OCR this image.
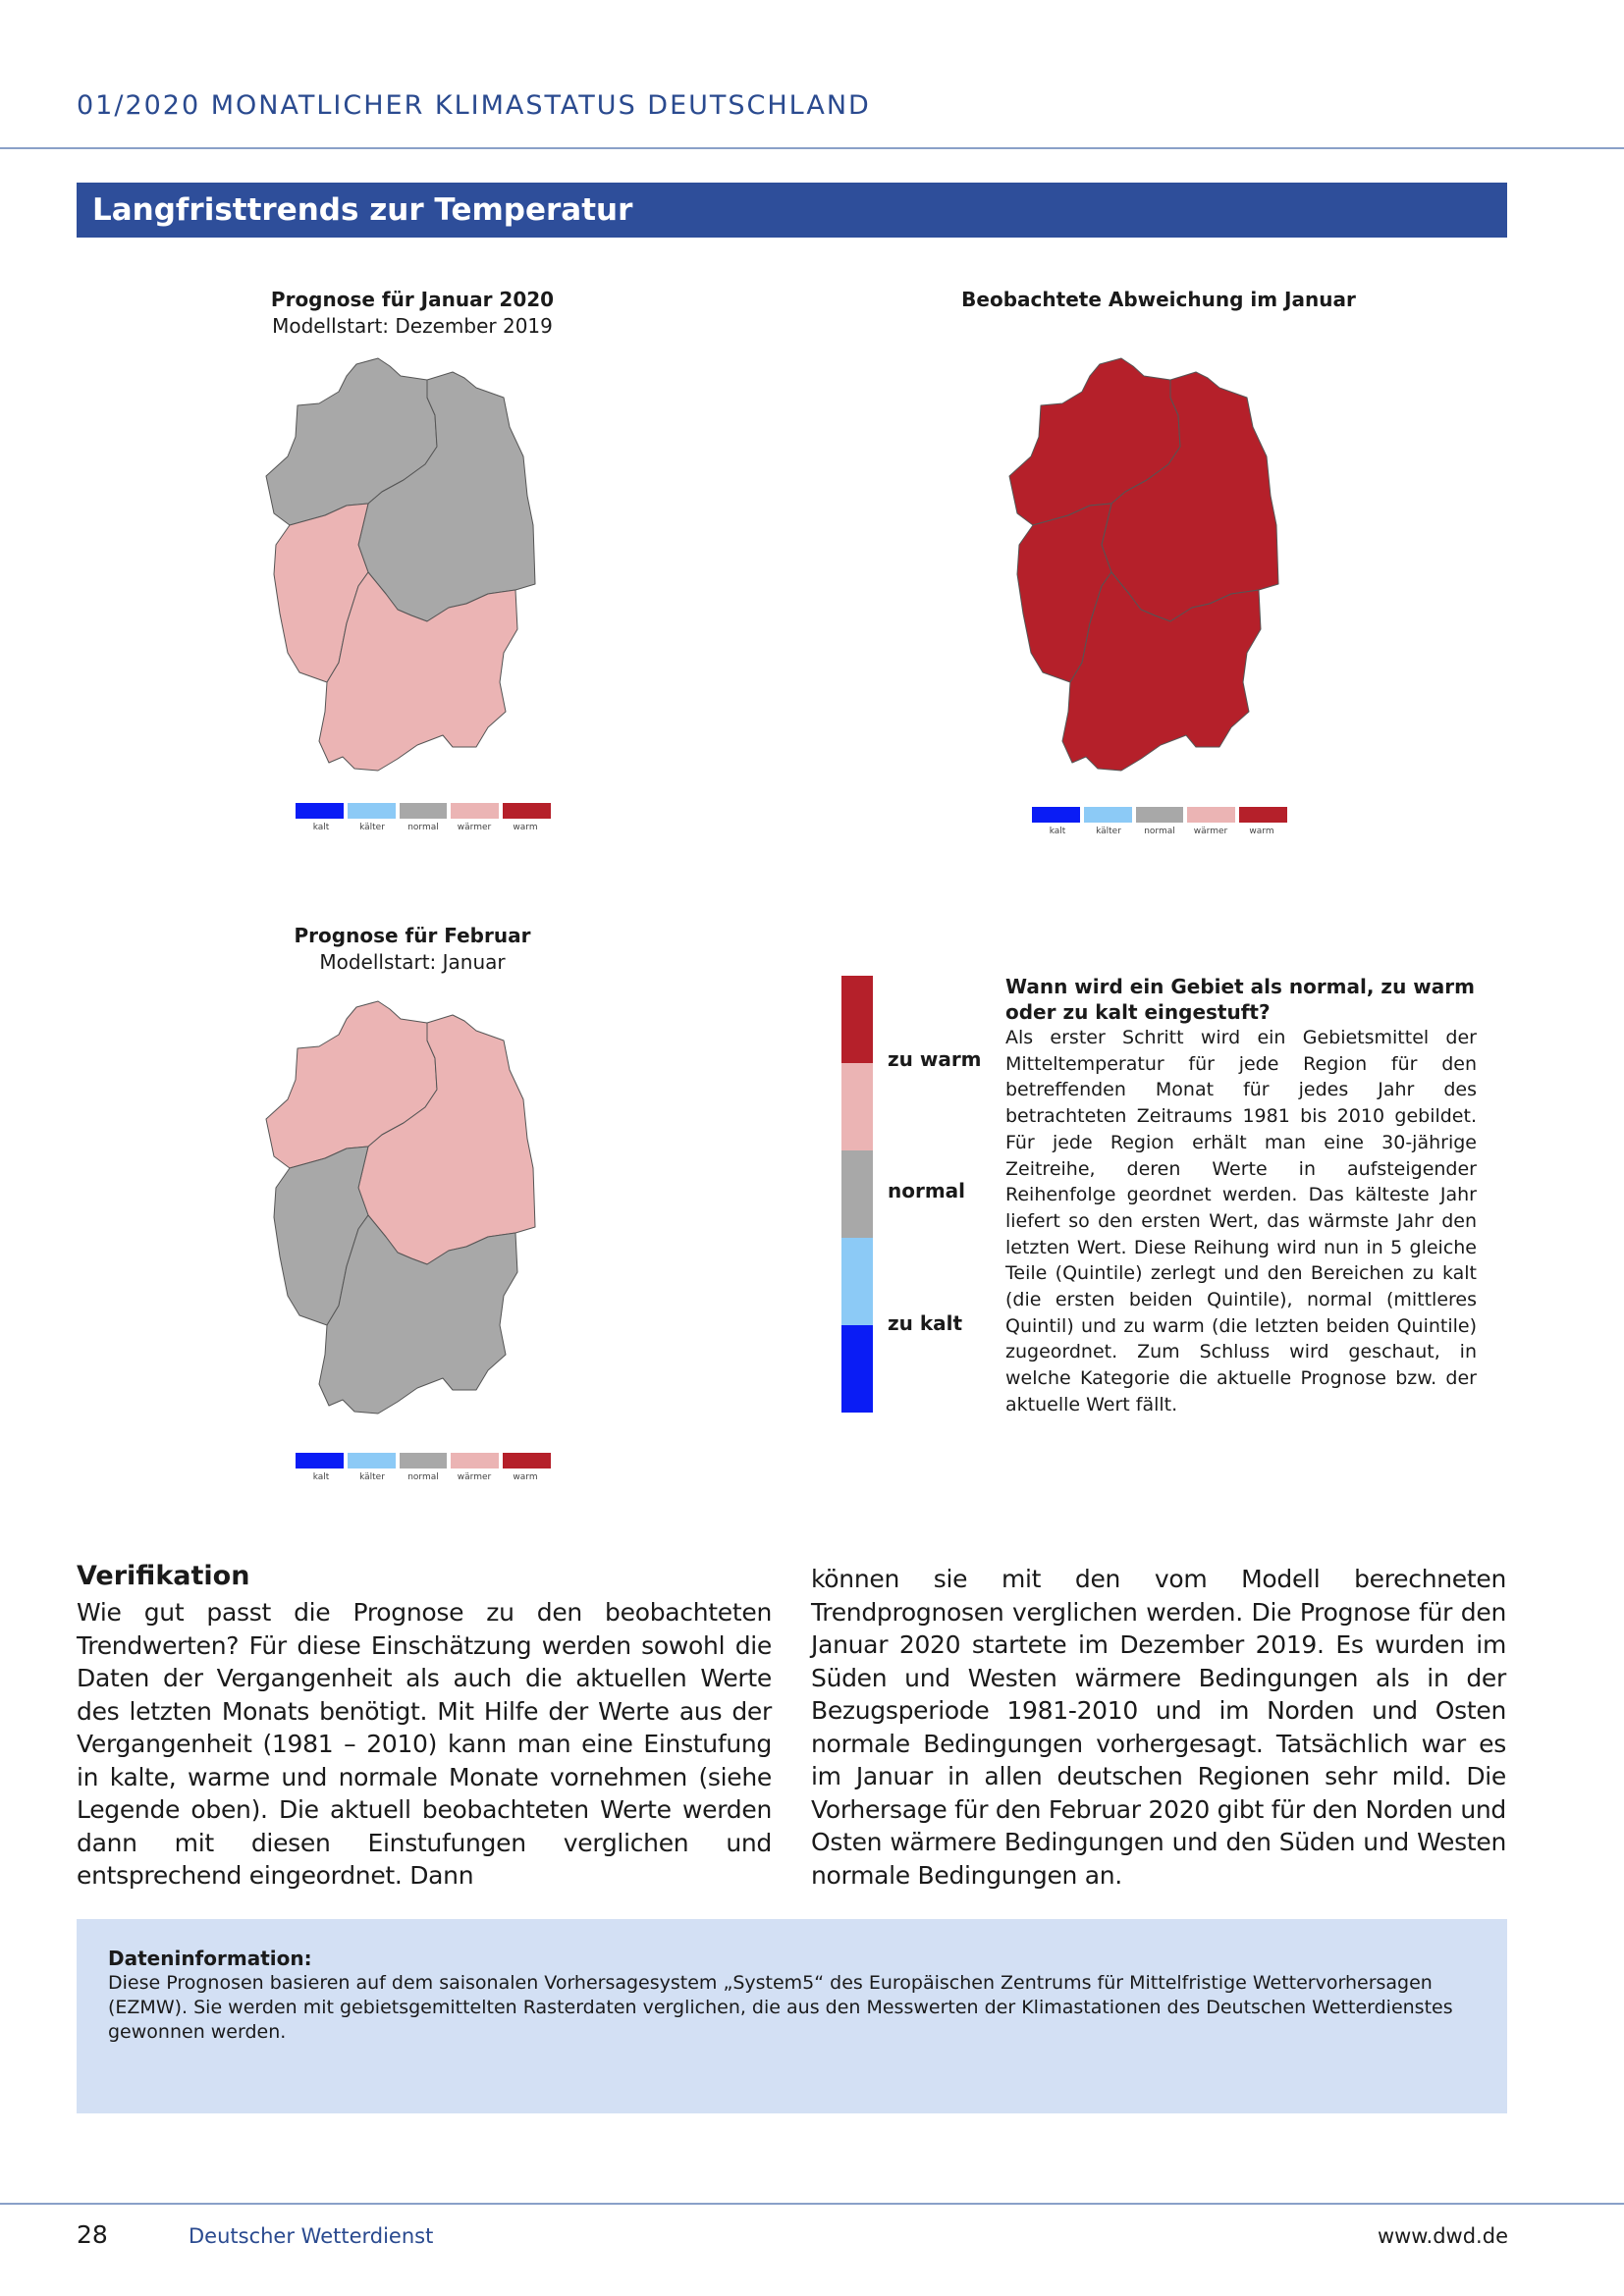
01/2020 MONATLICHER KLIMASTATUS DEUTSCHLAND
Langfristtrends zur Temperatur
Prognose für Januar 2020
Modellstart: Dezember 2019
kalt	kälter	normal	wärmer	warm
Beobachtete Abweichung im Januar
kalt	kälter	normal	wärmer	warm
Prognose für Februar
Modellstart: Januar
kalt	kälter	normal	wärmer	warm
zu warm
normal
zu kalt
Wann wird ein Gebiet als normal, zu warm oder zu kalt eingestuft?
Als erster Schritt wird ein Gebietsmittel der Mitteltemperatur für jede Region für den betreffenden Monat für jedes Jahr des betrachteten Zeitraums 1981 bis 2010 gebildet. Für jede Region erhält man eine 30-jährige Zeitreihe, deren Werte in aufsteigender Reihenfolge geordnet werden. Das kälteste Jahr liefert so den ersten Wert, das wärmste Jahr den letzten Wert. Diese Reihung wird nun in 5 gleiche Teile (Quintile) zerlegt und den Bereichen zu kalt (die ersten beiden Quintile), normal (mittleres Quintil) und zu warm (die letzten beiden Quintile) zugeordnet. Zum Schluss wird geschaut, in welche Kategorie die aktuelle Prognose bzw. der aktuelle Wert fällt.
Verifikation
Wie gut passt die Prognose zu den beobachteten Trendwerten? Für diese Einschätzung werden sowohl die Daten der Vergangenheit als auch die aktuellen Werte des letzten Monats benötigt. Mit Hilfe der Werte aus der Vergangenheit (1981 – 2010) kann man eine Einstufung in kalte, warme und normale Monate vornehmen (siehe Legende oben). Die aktuell beobachteten Werte werden dann mit diesen Einstufungen verglichen und entsprechend eingeordnet. Dann
können sie mit den vom Modell berechneten Trendprognosen verglichen werden. Die Prognose für den Januar 2020 startete im Dezember 2019. Es wurden im Süden und Westen wärmere Bedingungen als in der Bezugsperiode 1981-2010 und im Norden und Osten normale Bedingungen vorhergesagt. Tatsächlich war es im Januar in allen deutschen Regionen sehr mild. Die Vorhersage für den Februar 2020 gibt für den Norden und Osten wärmere Bedingungen und den Süden und Westen normale Bedingungen an.
Dateninformation:
Diese Prognosen basieren auf dem saisonalen Vorhersagesystem „System5“ des Europäischen Zentrums für Mittelfristige Wettervorhersagen (EZMW). Sie werden mit gebietsgemittelten Rasterdaten verglichen, die aus den Messwerten der Klimastationen des Deutschen Wetterdienstes gewonnen werden.
28	Deutscher Wetterdienst	www.dwd.de
